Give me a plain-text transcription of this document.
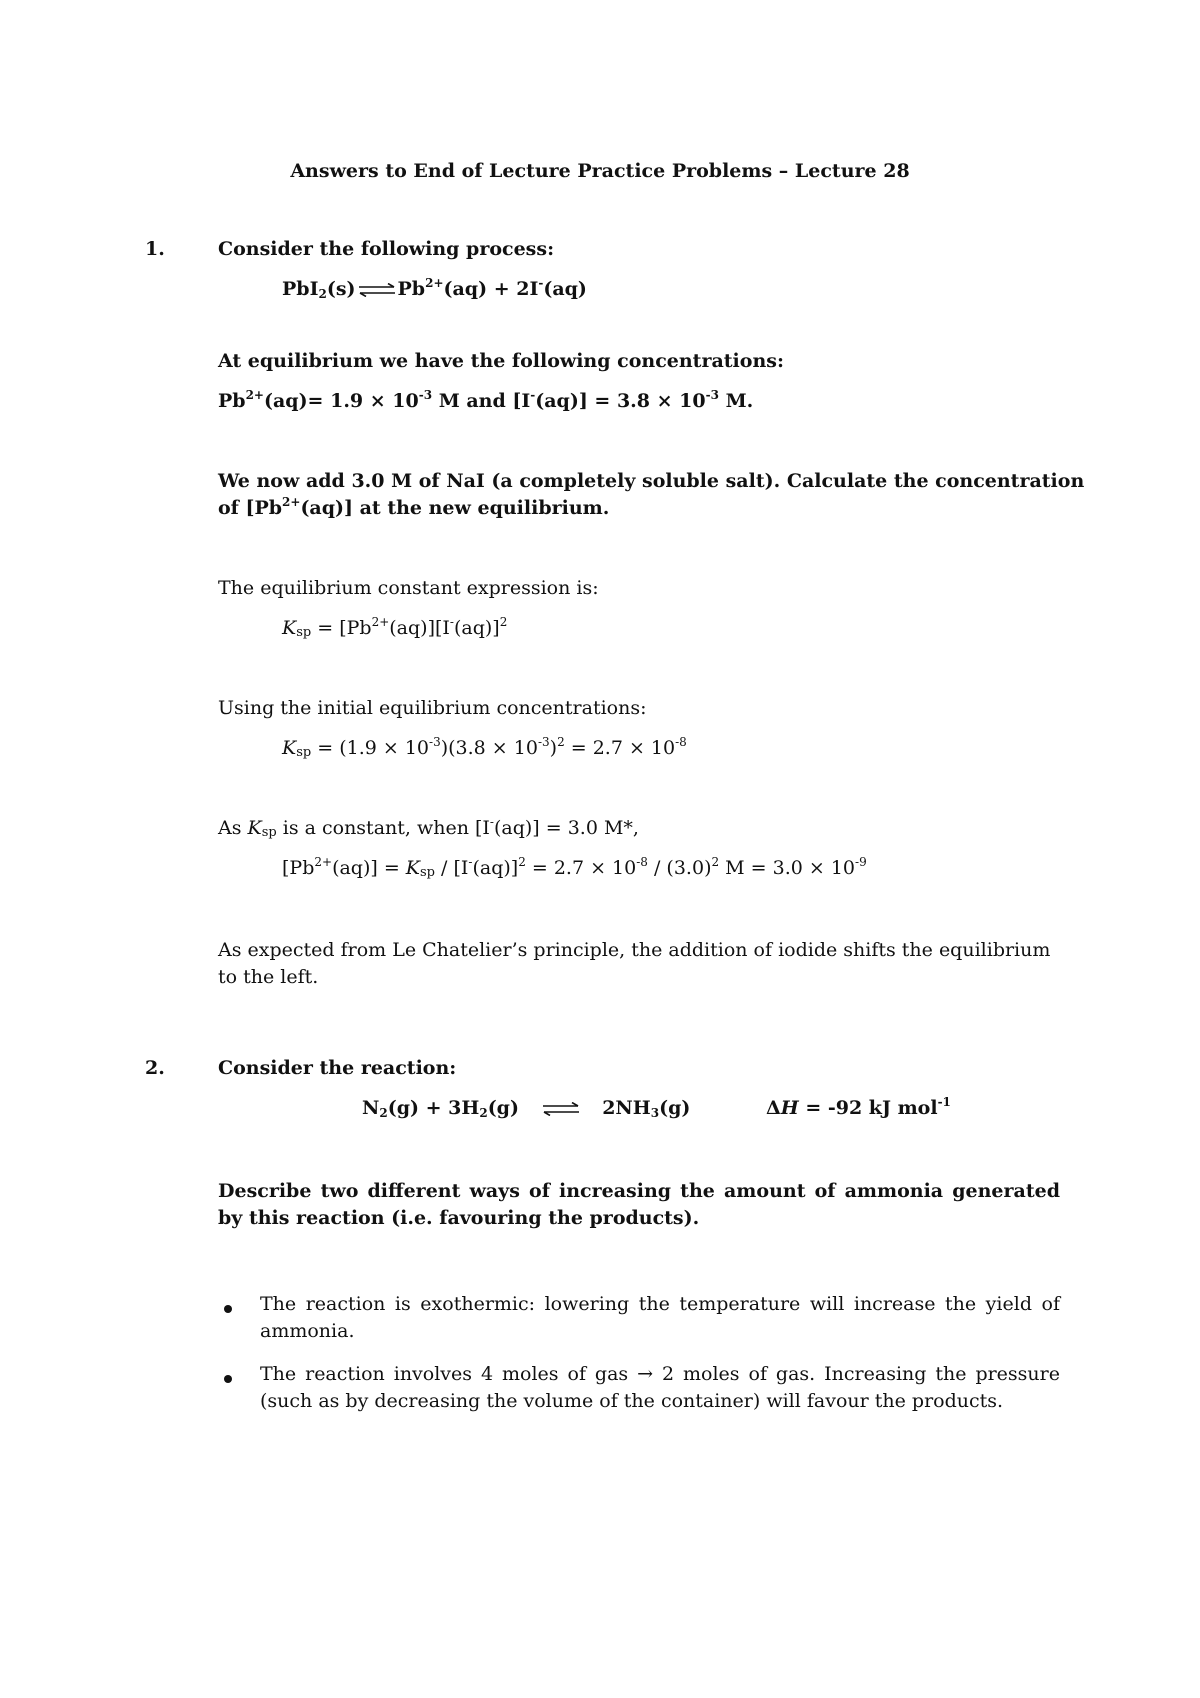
Answers to End of Lecture Practice Problems – Lecture 28
1.	Consider the following process:
PbI$_2$(s) ⇌ $Pb^{2+}(aq) + 2I^-(aq)$
At equilibrium we have the following concentrations:
$Pb^{2+}(aq)= 1.9 \times 10^{-3}$ M and $[I^-(aq)] = 3.8 \times 10^{-3}$ M.
We now add 3.0 M of NaI (a completely soluble salt). Calculate the concentration
of $[Pb^{2+}(aq)]$ at the new equilibrium.
The equilibrium constant expression is:
$K_{sp} = [Pb^{2+}(aq)][I^-(aq)]^2$
Using the initial equilibrium concentrations:
$K_{sp} = (1.9 \times 10^{-3})(3.8 \times 10^{-3})^2 = 2.7 \times 10^{-8}$
As $K_{sp}$ is a constant, when [I-(aq)] = 3.0 M*,
$[Pb^{2+}(aq)] = K_{sp} / [I^-(aq)]^2 = 2.7 \times 10^{-8} / (3.0)^2$ $M = 3.0 \times 10^{-9}$
As expected from Le Chatelier’s principle, the addition of iodide shifts the equilibrium to the left.
2.	Consider the reaction:
$N_2(g) + 3H_2(g)$ ⇌ $2NH_3(g)$	ΔH = -92 kJ mol$^{-1}$
Describe two different ways of increasing the amount of ammonia generated by this reaction (i.e. favouring the products).
The reaction is exothermic: lowering the temperature will increase the yield of ammonia.
The reaction involves 4 moles of gas → 2 moles of gas. Increasing the pressure (such as by decreasing the volume of the container) will favour the products.
